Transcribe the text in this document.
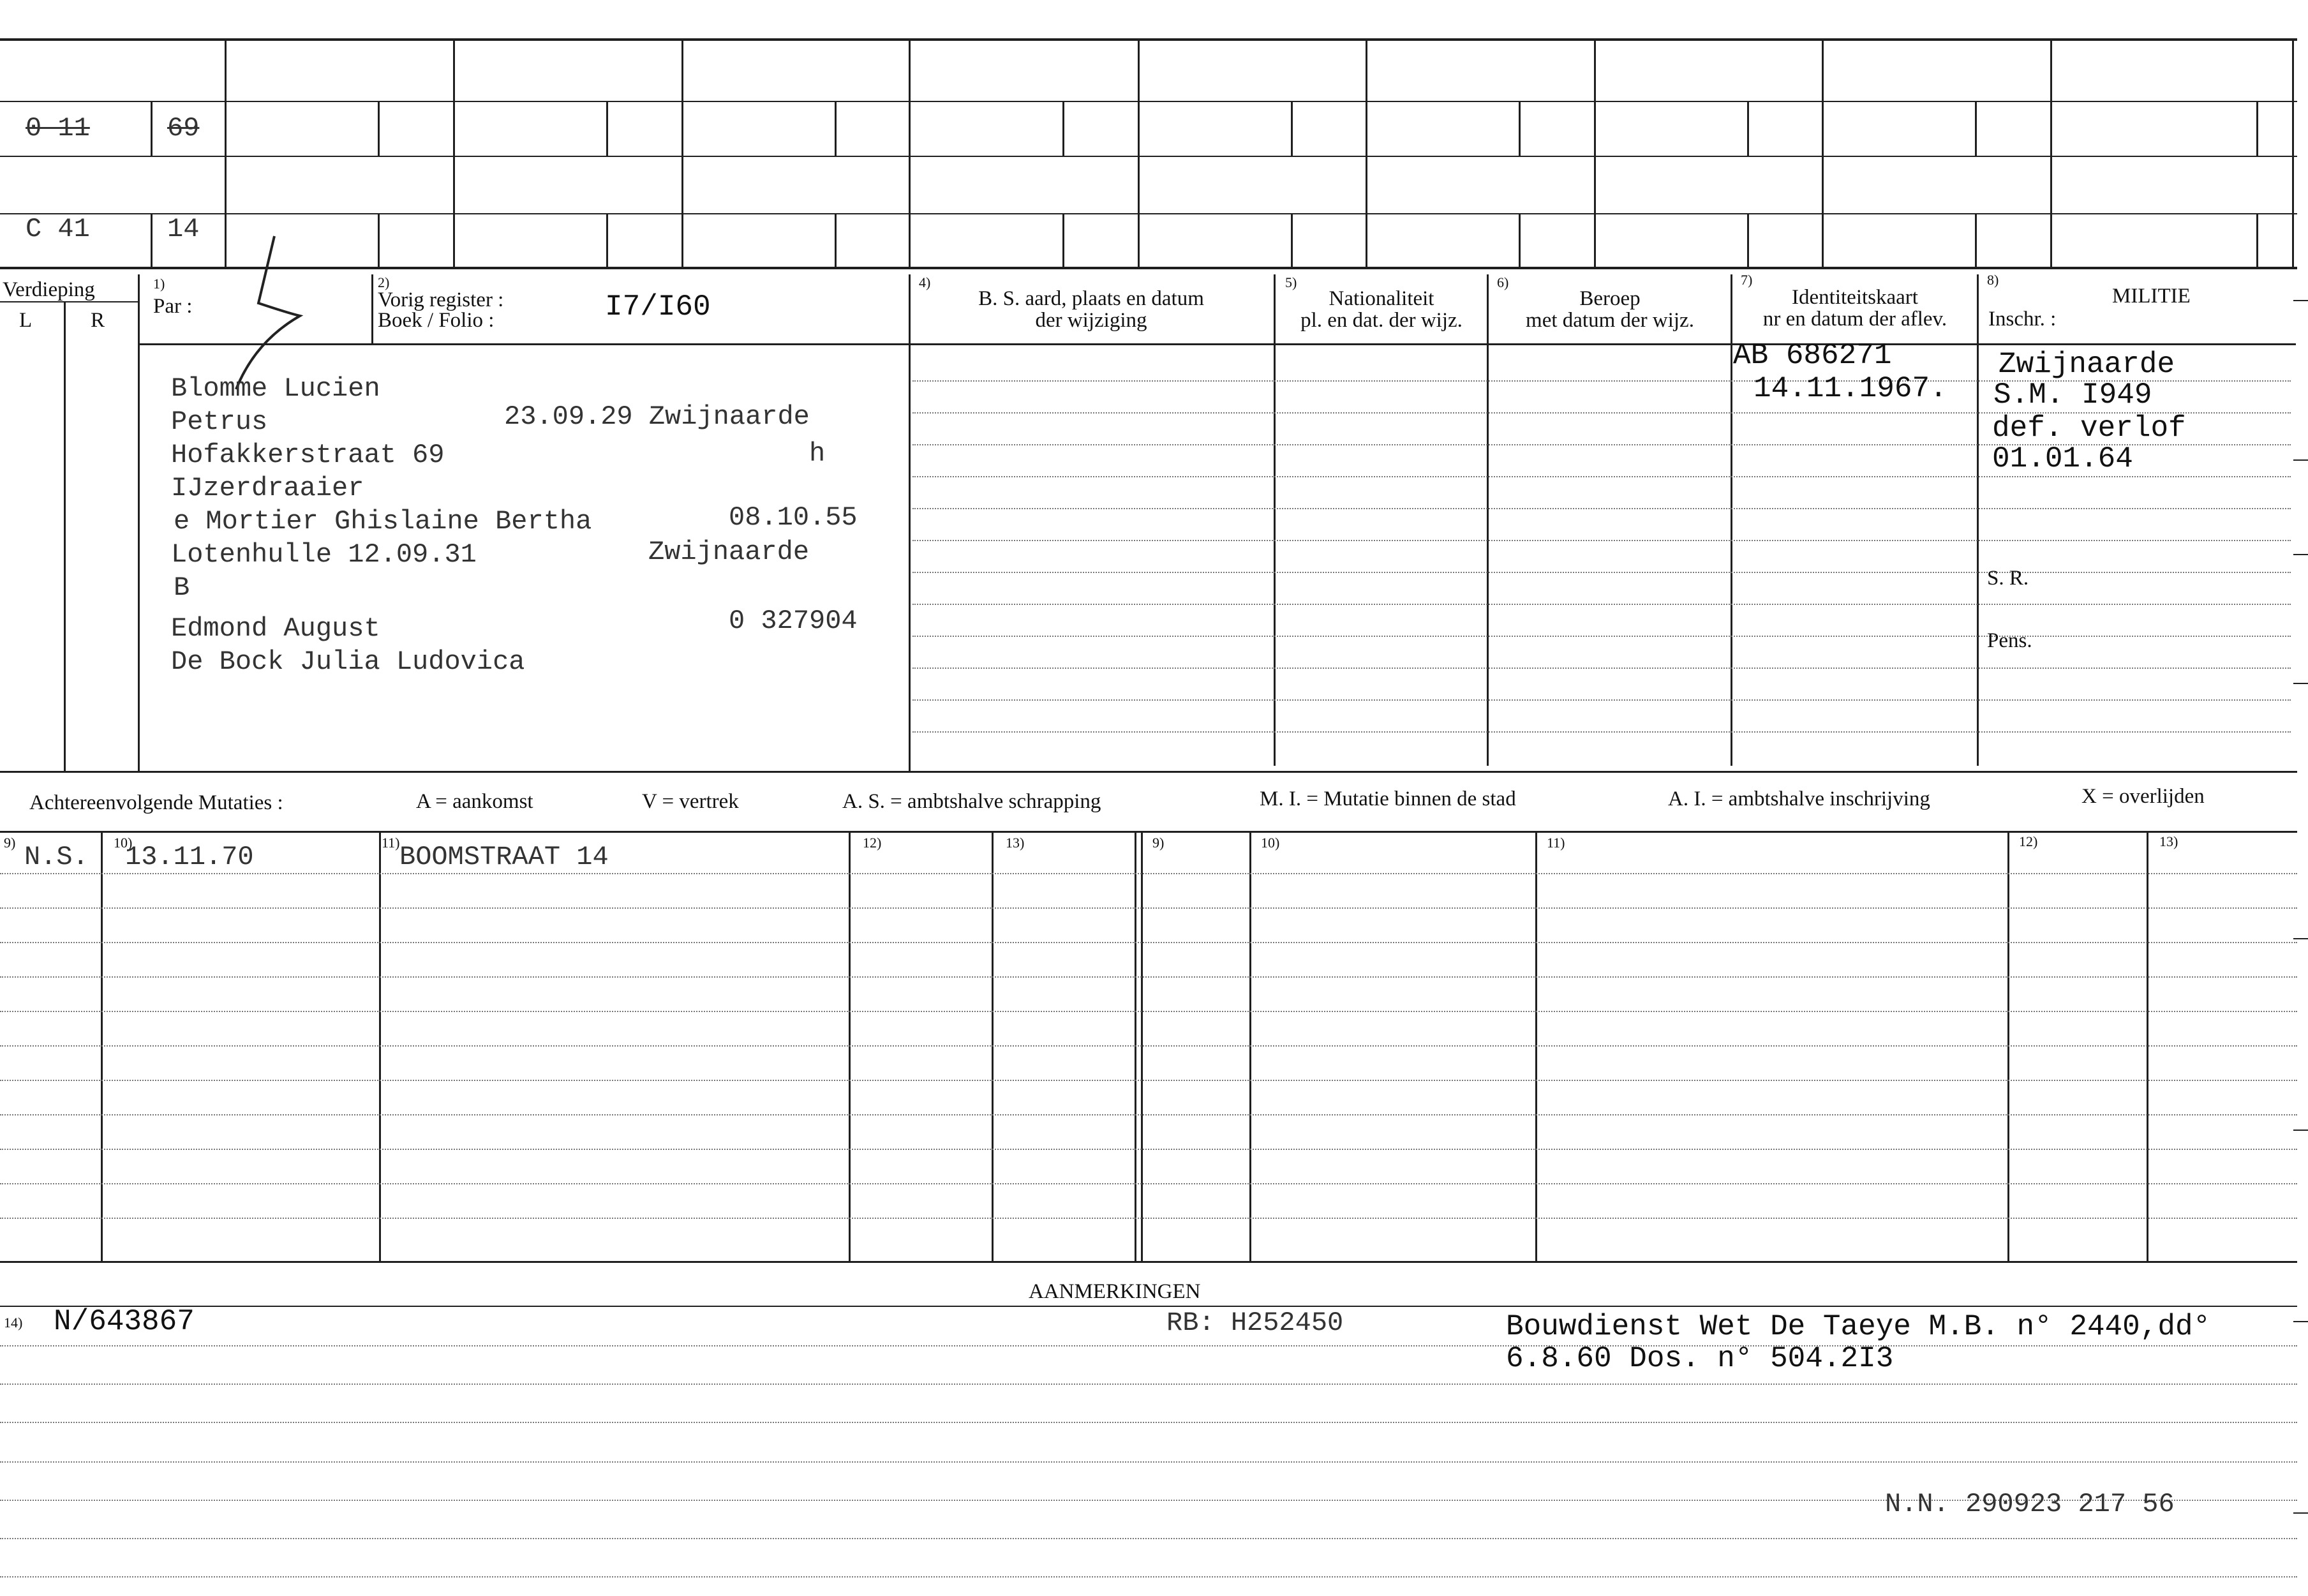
0 11	69
C 41	14
Verdieping
L	R
1)
Par :
2)
Vorig register :
Boek / Folio :	I7/I60
4)
B. S. aard, plaats en datum
der wijziging
5)
Nationaliteit
pl. en dat. der wijz.
6)
Beroep
met datum der wijz.
7)
Identiteitskaart
nr en datum der aflev.
8)
MILITIE
Inschr. :
Blomme Lucien
Petrus	23.09.29 Zwijnaarde
Hofakkerstraat 69	h
IJzerdraaier
e Mortier Ghislaine Bertha	08.10.55
Lotenhulle 12.09.31	Zwijnaarde
B
Edmond August	0 327904
De Bock Julia Ludovica
AB 686271
14.11.1967.
Zwijnaarde
S.M. I949
def. verlof
01.01.64
S. R.
Pens.
Achtereenvolgende Mutaties :	A = aankomst	V = vertrek	A. S. = ambtshalve schrapping	M. I. = Mutatie binnen de stad	A. I. = ambtshalve inschrijving	X = overlijden
9)	10)	11)	12)	13)	9)	10)	11)	12)	13)
N.S. 13.11.70	BOOMSTRAAT 14
AANMERKINGEN
14) N/643867	RB: H252450	Bouwdienst Wet De Taeye M.B. n° 2440,dd°
6.8.60 Dos. n° 504.2I3
N.N. 290923 217 56
